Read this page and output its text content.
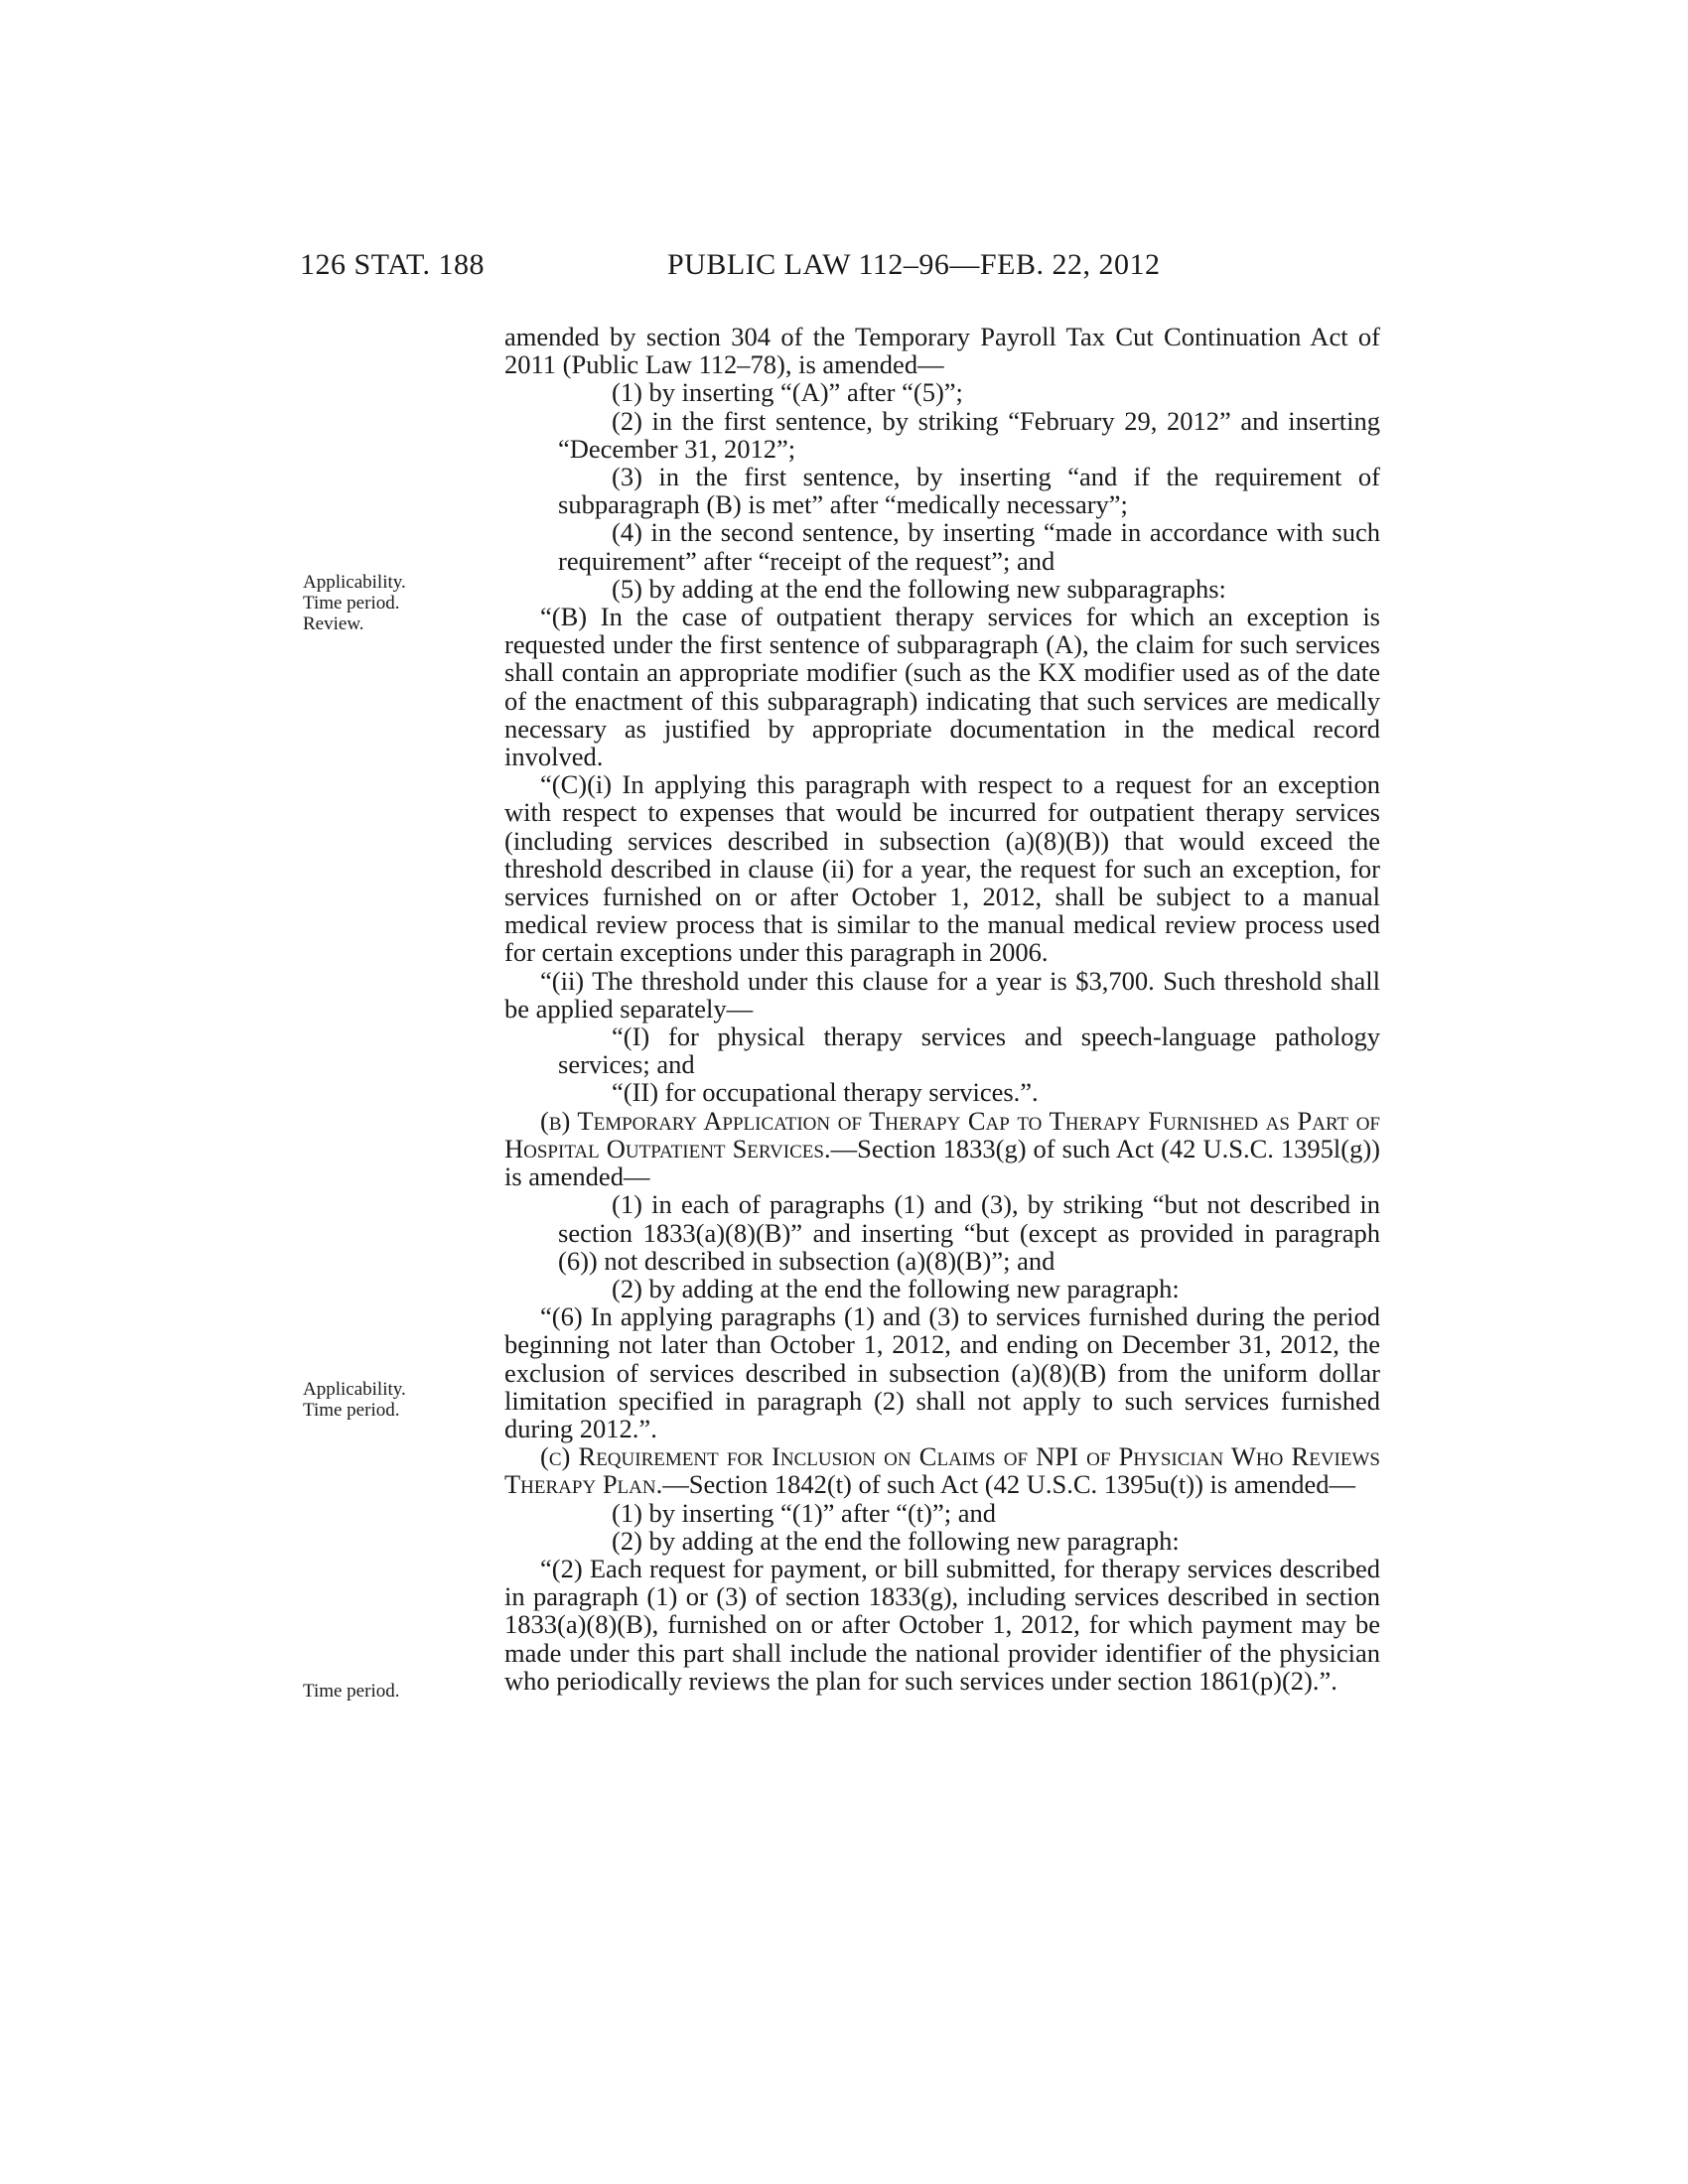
126 STAT. 188	PUBLIC LAW 112–96—FEB. 22, 2012
Applicability.
Time period.
Review.
Applicability.
Time period.
Time period.

amended by section 304 of the Temporary Payroll Tax Cut Continuation Act of 2011 (Public Law 112–78), is amended—

(1) by inserting “(A)” after “(5)”;

(2) in the first sentence, by striking “February 29, 2012” and inserting “December 31, 2012”;

(3) in the first sentence, by inserting “and if the requirement of subparagraph (B) is met” after “medically necessary”;

(4) in the second sentence, by inserting “made in accordance with such requirement” after “receipt of the request”; and

(5) by adding at the end the following new subparagraphs:

“(B) In the case of outpatient therapy services for which an exception is requested under the first sentence of subparagraph (A), the claim for such services shall contain an appropriate modifier (such as the KX modifier used as of the date of the enactment of this subparagraph) indicating that such services are medically necessary as justified by appropriate documentation in the medical record involved.

“(C)(i) In applying this paragraph with respect to a request for an exception with respect to expenses that would be incurred for outpatient therapy services (including services described in subsection (a)(8)(B)) that would exceed the threshold described in clause (ii) for a year, the request for such an exception, for services furnished on or after October 1, 2012, shall be subject to a manual medical review process that is similar to the manual medical review process used for certain exceptions under this paragraph in 2006.

“(ii) The threshold under this clause for a year is $3,700. Such threshold shall be applied separately—

“(I) for physical therapy services and speech-language pathology services; and

“(II) for occupational therapy services.”.

(b) Temporary Application of Therapy Cap to Therapy Furnished as Part of Hospital Outpatient Services.—Section 1833(g) of such Act (42 U.S.C. 1395l(g)) is amended—

(1) in each of paragraphs (1) and (3), by striking “but not described in section 1833(a)(8)(B)” and inserting “but (except as provided in paragraph (6)) not described in subsection (a)(8)(B)”; and

(2) by adding at the end the following new paragraph:

“(6) In applying paragraphs (1) and (3) to services furnished during the period beginning not later than October 1, 2012, and ending on December 31, 2012, the exclusion of services described in subsection (a)(8)(B) from the uniform dollar limitation specified in paragraph (2) shall not apply to such services furnished during 2012.”.

(c) Requirement for Inclusion on Claims of NPI of Physician Who Reviews Therapy Plan.—Section 1842(t) of such Act (42 U.S.C. 1395u(t)) is amended—

(1) by inserting “(1)” after “(t)”; and

(2) by adding at the end the following new paragraph:

“(2) Each request for payment, or bill submitted, for therapy services described in paragraph (1) or (3) of section 1833(g), including services described in section 1833(a)(8)(B), furnished on or after October 1, 2012, for which payment may be made under this part shall include the national provider identifier of the physician who periodically reviews the plan for such services under section 1861(p)(2).”.
